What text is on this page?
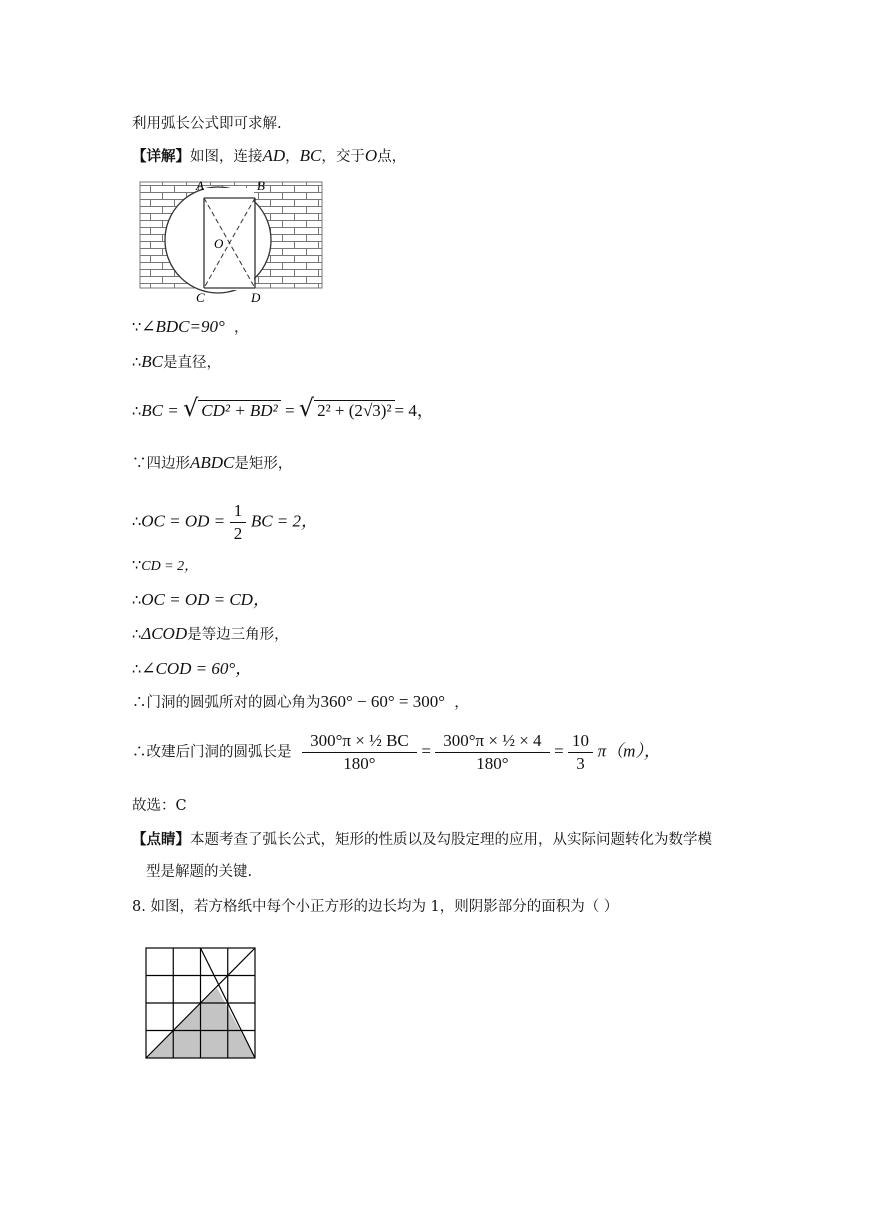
利用弧长公式即可求解.
【详解】如图，连接AD，BC，交于O点，
A	B
C	D
O
∵∠BDC=90° ，
∴BC是直径，
∴BC = √ CD² + BD² = √ 2² + (2√3)² = 4，
∵四边形ABDC是矩形，
∴OC = OD = $\frac{1}{2}$ BC = 2，
∵CD = 2，
∴OC = OD = CD，
∴ΔCOD是等边三角形，
∴∠COD = 60°，
∴门洞的圆弧所对的圆心角为360° − 60° = 300° ，
∴改建后门洞的圆弧长是 $\frac{\text{300°π × ½ BC}}{180^\circ} = \frac{\text{300°π × ½ × 4}}{180^\circ} = \frac{10}{3} \pi(m)$，
故选：C
【点睛】本题考查了弧长公式，矩形的性质以及勾股定理的应用，从实际问题转化为数学模
型是解题的关键.
8. 如图，若方格纸中每个小正方形的边长均为 1，则阴影部分的面积为（ ）
